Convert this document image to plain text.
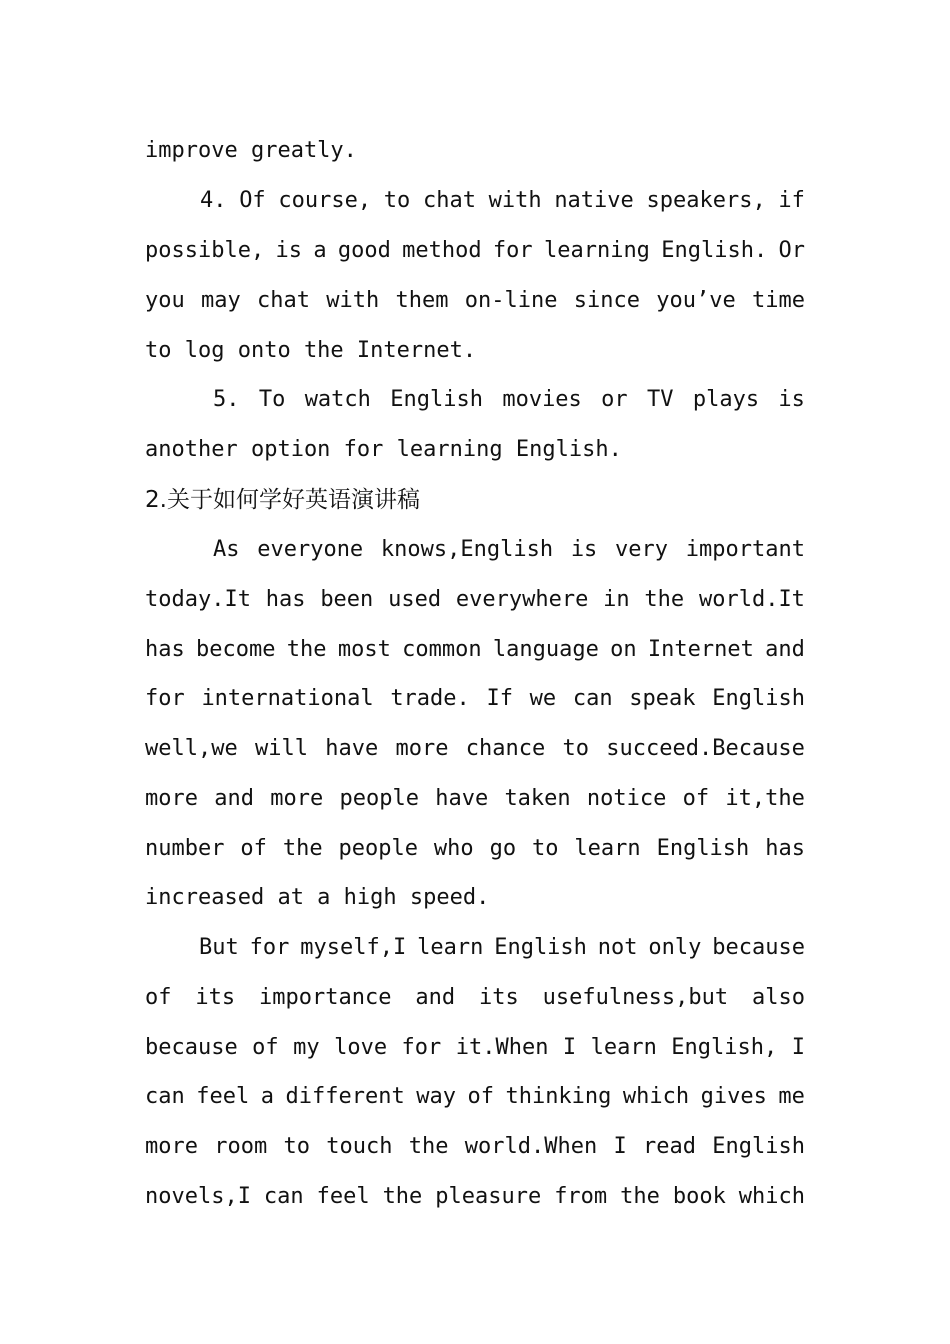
improve greatly.
4. Of course, to chat with native speakers, if
possible, is a good method for learning English. Or
you may chat with them on-line since you’ve time
to log onto the Internet.
5. To watch English movies or TV plays is
another option for learning English.
2.关于如何学好英语演讲稿
As everyone knows,English is very important
today.It has been used everywhere in the world.It
has become the most common language on Internet and
for international trade. If we can speak English
well,we will have more chance to succeed.Because
more and more people have taken notice of it,the
number of the people who go to learn English has
increased at a high speed.
But for myself,I learn English not only because
of its importance and its usefulness,but also
because of my love for it.When I learn English, I
can feel a different way of thinking which gives me
more room to touch the world.When I read English
novels,I can feel the pleasure from the book which
